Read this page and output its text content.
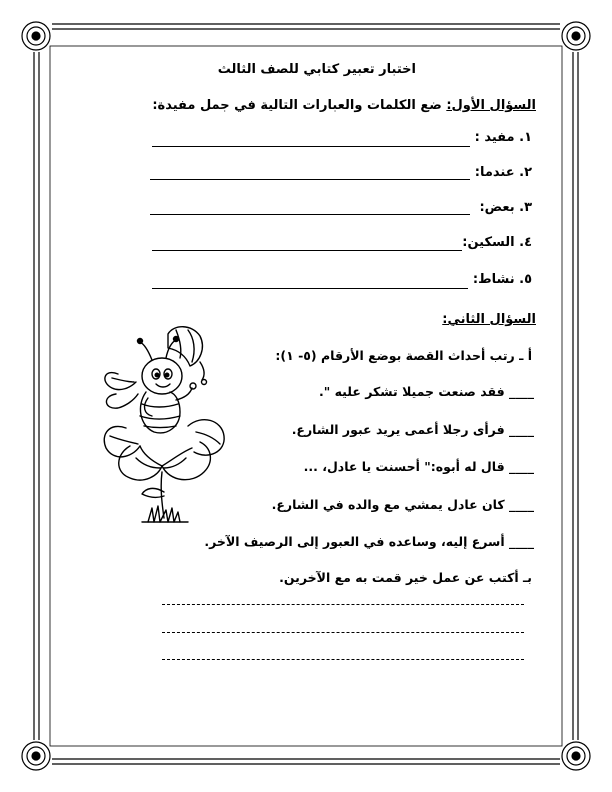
اختبار تعبير كتابي للصف الثالث
السؤال الأول: ضع الكلمات والعبارات التالية في جمل مفيدة:
١. مفيد :
٢. عندما:
٣. بعض:
٤. السكين:
٥. نشاط:
السؤال الثاني:
أ ـ رتب أحداث القصة بوضع الأرقام (٥- ١):
____ فقد صنعت جميلا تشكر عليه ".
____ فرأى رجلا أعمى يريد عبور الشارع.
____ قال له أبوه:" أحسنت يا عادل، ...
____ كان عادل يمشي مع والده في الشارع.
____ أسرع إليه، وساعده في العبور إلى الرصيف الآخر.
بـ أكتب عن عمل خير قمت به مع الآخرين.
